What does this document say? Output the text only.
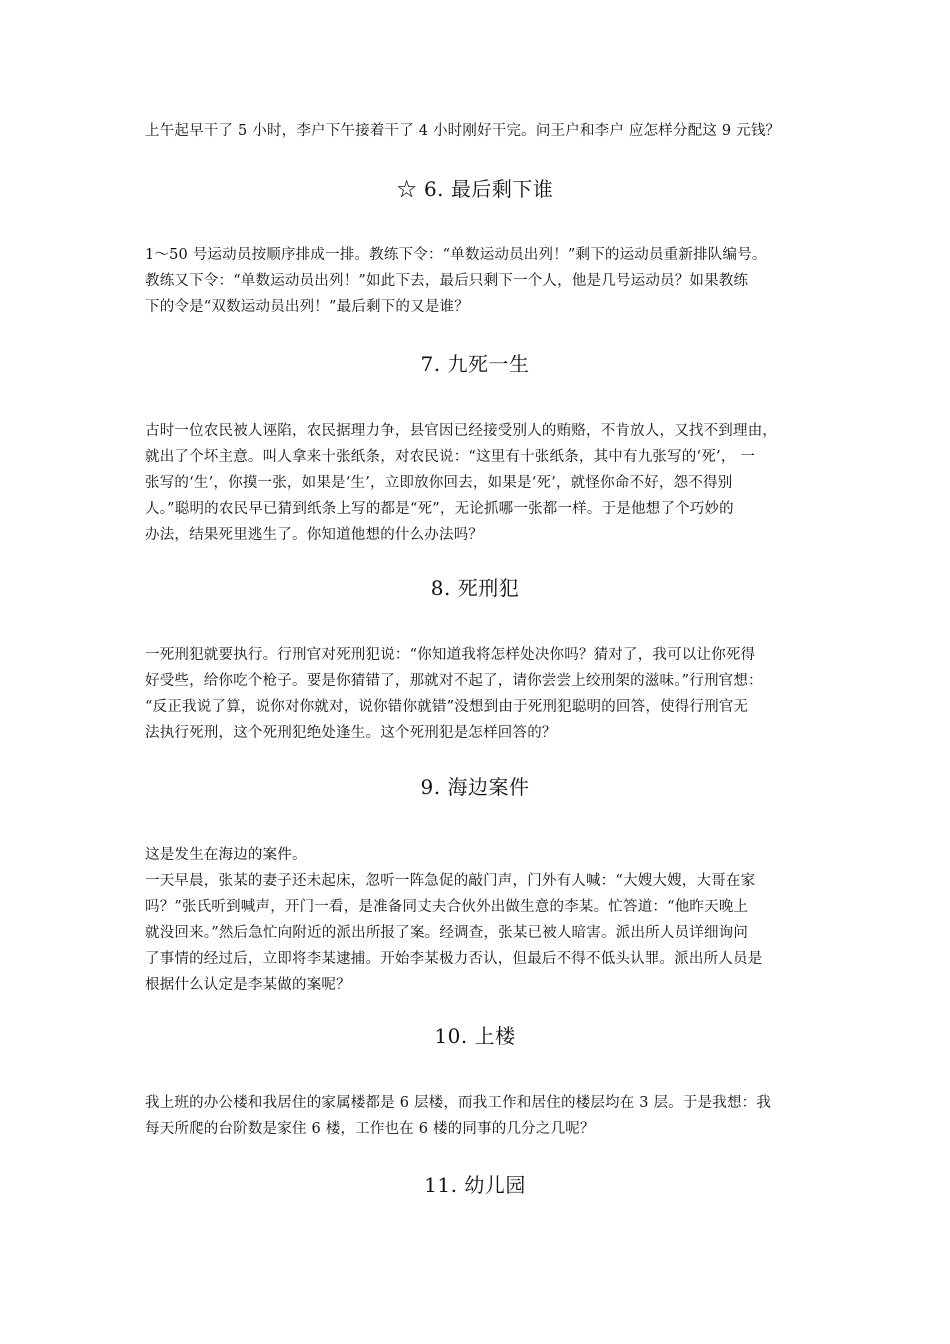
上午起早干了 5 小时，李户下午接着干了 4 小时刚好干完。问王户和李户 应怎样分配这 9 元钱？

☆ 6. 最后剩下谁

1～50 号运动员按顺序排成一排。教练下令：“单数运动员出列！”剩下的运动员重新排队编号。
教练又下令：“单数运动员出列！”如此下去，最后只剩下一个人，他是几号运动员？如果教练
下的令是“双数运动员出列！”最后剩下的又是谁？

7. 九死一生

古时一位农民被人诬陷，农民据理力争，县官因已经接受别人的贿赂，不肯放人，又找不到理由，
就出了个坏主意。叫人拿来十张纸条，对农民说：“这里有十张纸条，其中有九张写的‘死’， 一
张写的‘生’，你摸一张，如果是‘生’，立即放你回去，如果是‘死’，就怪你命不好，怨不得别
人。”聪明的农民早已猜到纸条上写的都是“死”，无论抓哪一张都一样。于是他想了个巧妙的
办法，结果死里逃生了。你知道他想的什么办法吗？

8. 死刑犯

一死刑犯就要执行。行刑官对死刑犯说：“你知道我将怎样处决你吗？猜对了，我可以让你死得
好受些，给你吃个枪子。要是你猜错了，那就对不起了，请你尝尝上绞刑架的滋味。”行刑官想：
“反正我说了算，说你对你就对，说你错你就错”没想到由于死刑犯聪明的回答，使得行刑官无
法执行死刑，这个死刑犯绝处逢生。这个死刑犯是怎样回答的？

9. 海边案件

这是发生在海边的案件。
一天早晨，张某的妻子还未起床，忽听一阵急促的敲门声，门外有人喊：“大嫂大嫂，大哥在家
吗？”张氏听到喊声，开门一看，是准备同丈夫合伙外出做生意的李某。忙答道：“他昨天晚上
就没回来。”然后急忙向附近的派出所报了案。经调查，张某已被人暗害。派出所人员详细询问
了事情的经过后，立即将李某逮捕。开始李某极力否认，但最后不得不低头认罪。派出所人员是
根据什么认定是李某做的案呢？

10. 上楼

我上班的办公楼和我居住的家属楼都是 6 层楼，而我工作和居住的楼层均在 3 层。于是我想：我
每天所爬的台阶数是家住 6 楼，工作也在 6 楼的同事的几分之几呢？

11. 幼儿园
